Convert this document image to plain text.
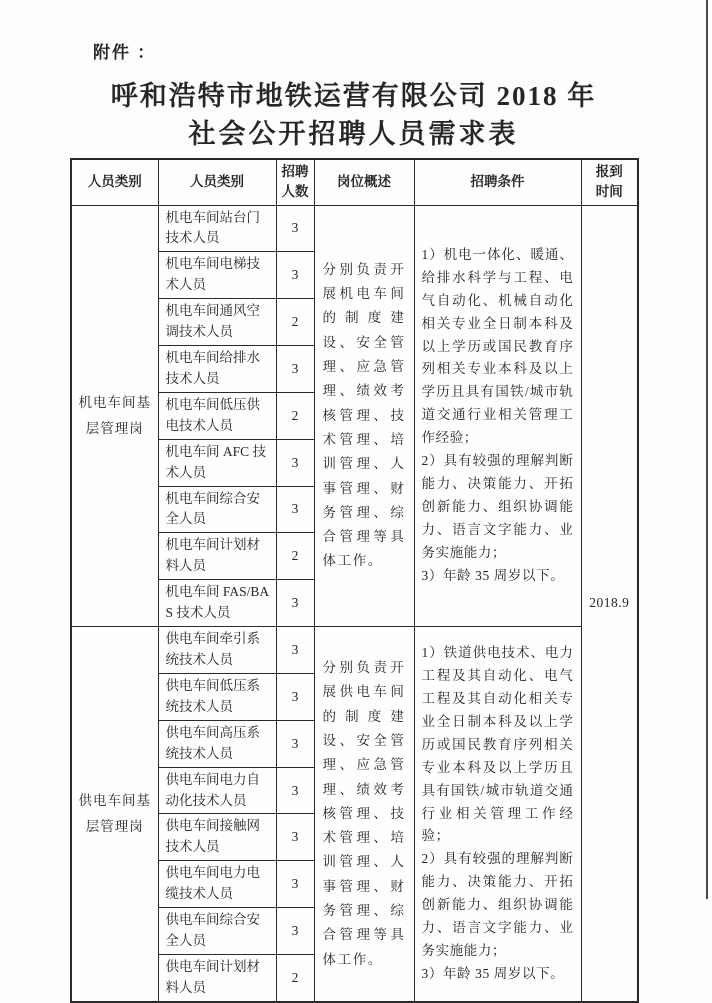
附件 ：
呼和浩特市地铁运营有限公司 2018 年
社会公开招聘人员需求表
人员类别	人员类别	招聘人数	岗位概述	招聘条件	报到时间
机电车间基层管理岗	机电车间站台门技术人员	3	分别负责开展机电车间的制度建设、安全管理、应急管理、绩效考核管理、技术管理、培训管理、人事管理、财务管理、综合管理等具体工作。	1）机电一体化、暖通、给排水科学与工程、电气自动化、机械自动化相关专业全日制本科及以上学历或国民教育序列相关专业本科及以上学历且具有国铁/城市轨道交通行业相关管理工作经验；
2）具有较强的理解判断能力、决策能力、开拓创新能力、组织协调能力、语言文字能力、业务实施能力；
3）年龄 35 周岁以下。	2018.9
	机电车间电梯技术人员	3			
	机电车间通风空调技术人员	2			
	机电车间给排水技术人员	3			
	机电车间低压供电技术人员	2			
	机电车间 AFC 技术人员	3			
	机电车间综合安全人员	3			
	机电车间计划材料人员	2			
	机电车间 FAS/BAS 技术人员	3			
供电车间基层管理岗	供电车间牵引系统技术人员	3	分别负责开展供电车间的制度建设、安全管理、应急管理、绩效考核管理、技术管理、培训管理、人事管理、财务管理、综合管理等具体工作。	1）铁道供电技术、电力工程及其自动化、电气工程及其自动化相关专业全日制本科及以上学历或国民教育序列相关专业本科及以上学历且具有国铁/城市轨道交通行业相关管理工作经验；
2）具有较强的理解判断能力、决策能力、开拓创新能力、组织协调能力、语言文字能力、业务实施能力；
3）年龄 35 周岁以下。	

	供电车间低压系统技术人员	3			
	供电车间高压系统技术人员	3			
	供电车间电力自动化技术人员	3			
	供电车间接触网技术人员	3			
	供电车间电力电缆技术人员	3			
	供电车间综合安全人员	3			
	供电车间计划材料人员	2			
